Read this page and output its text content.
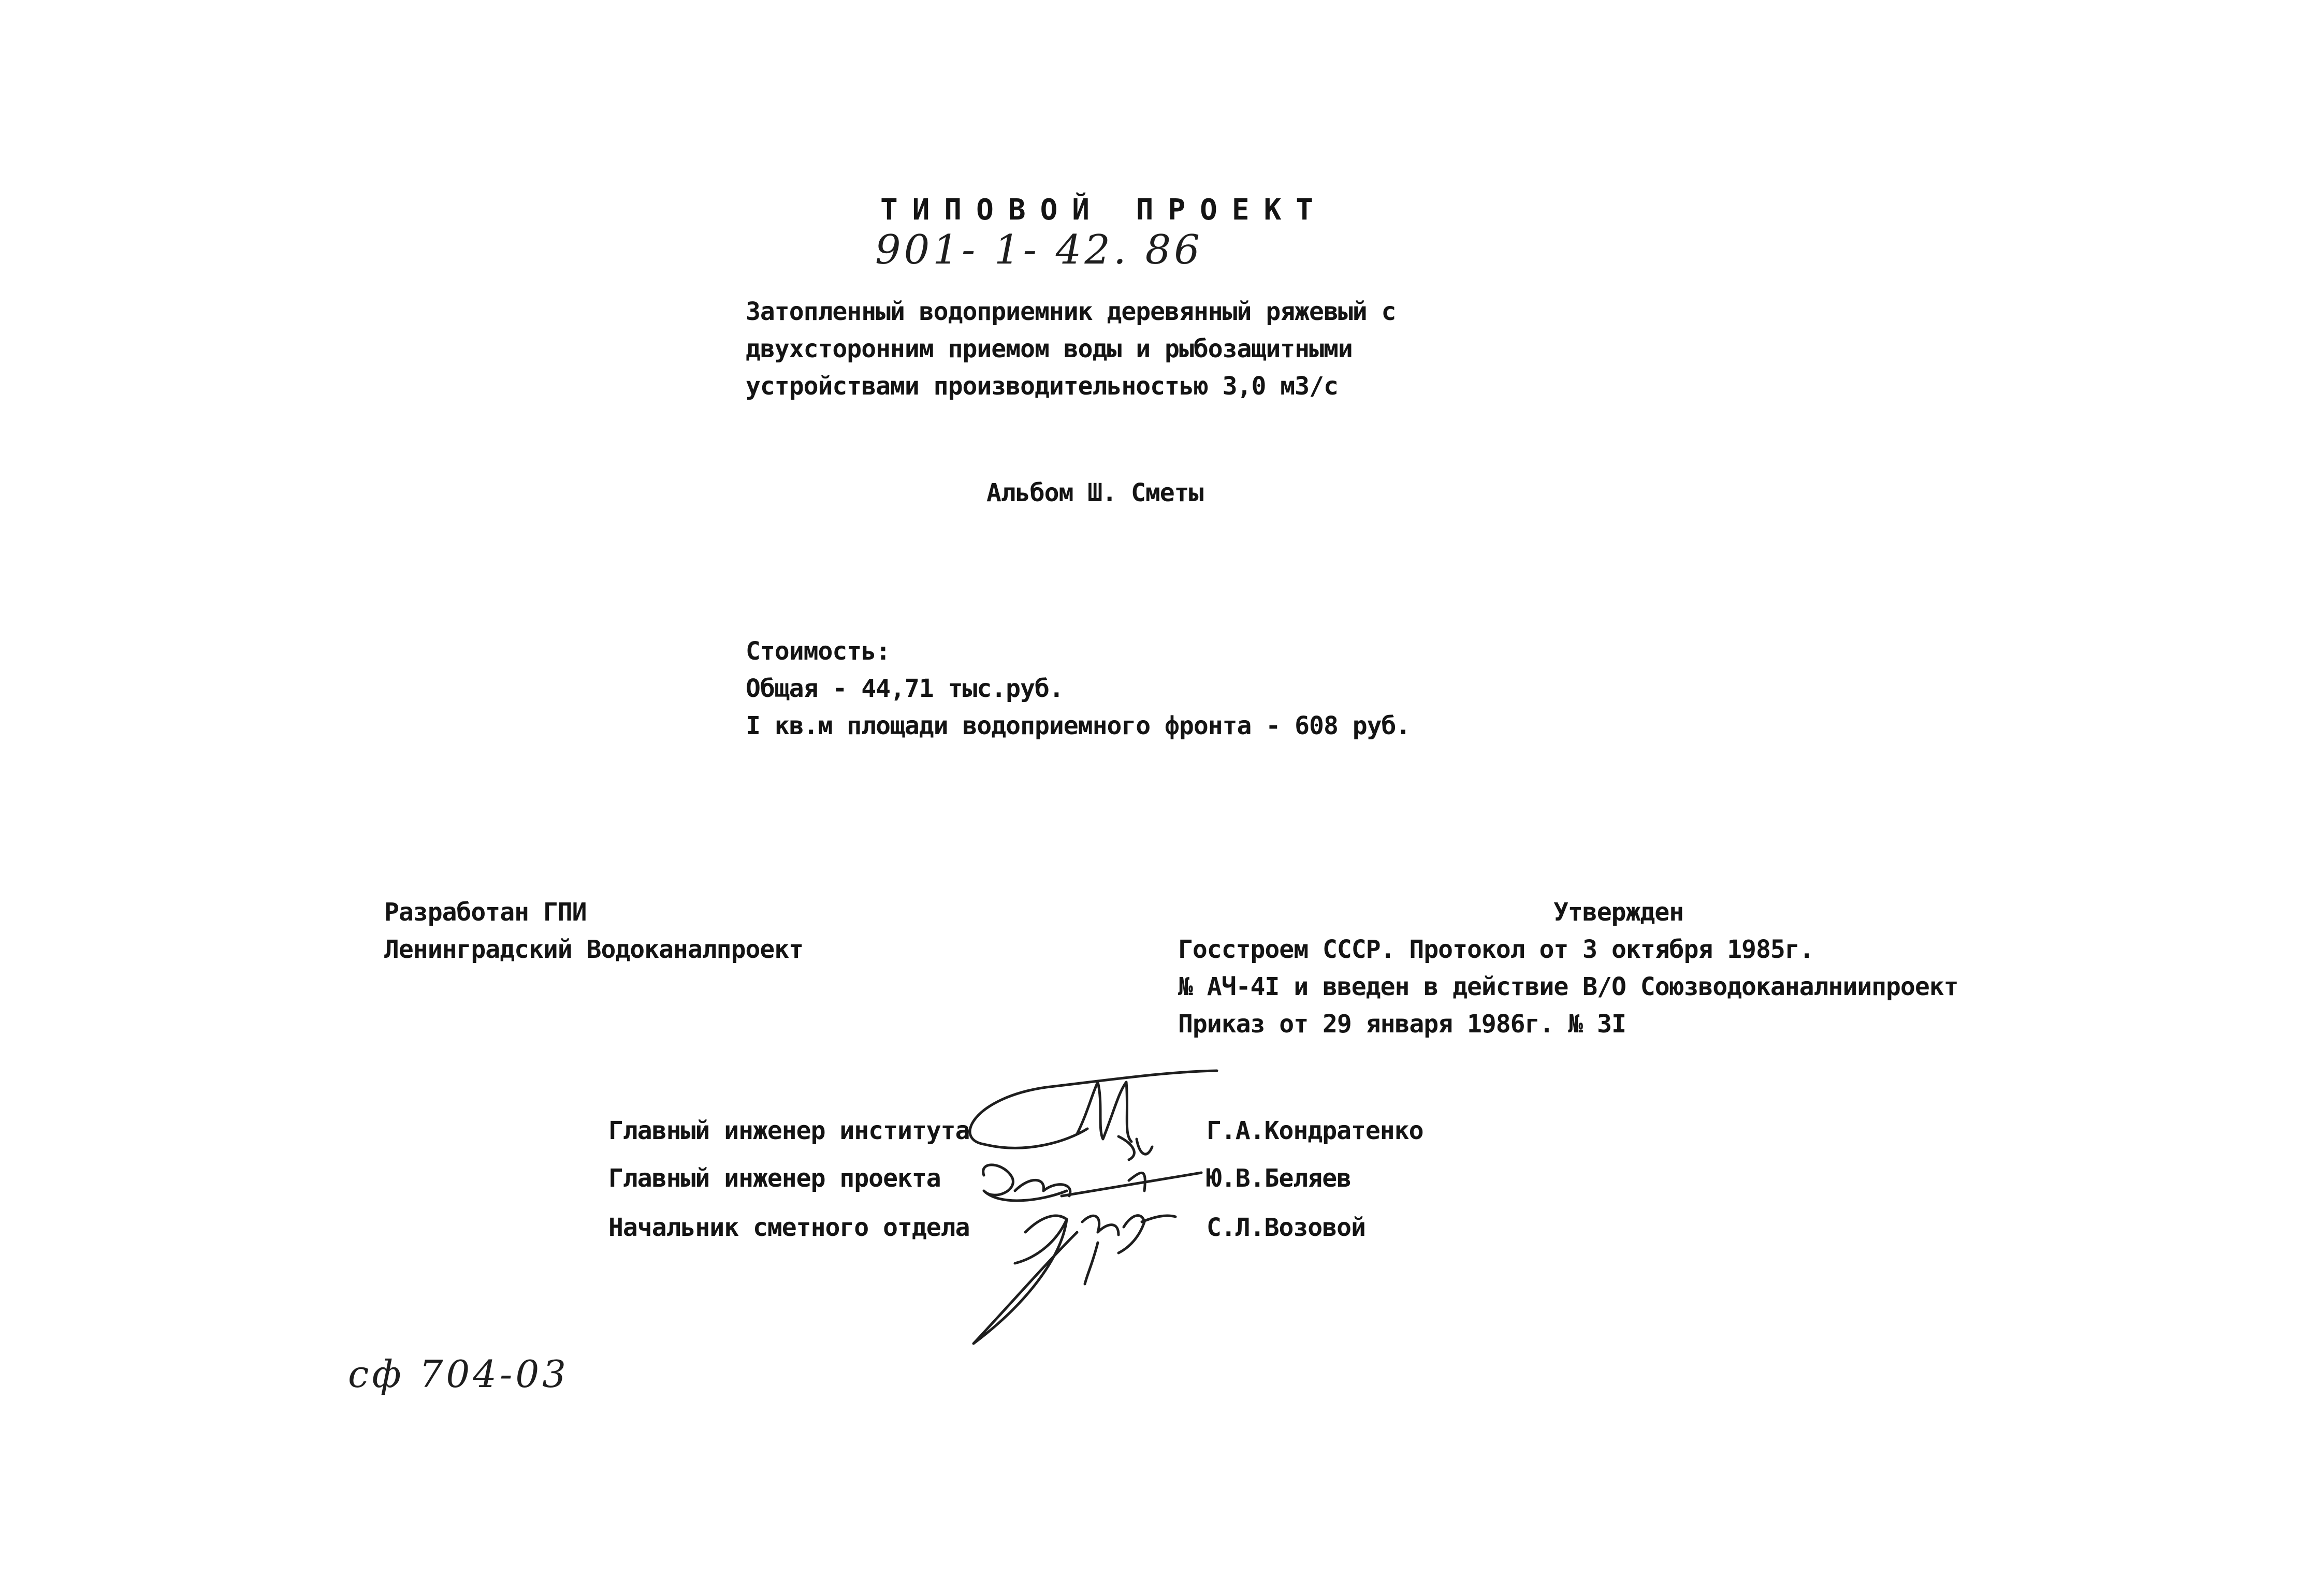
ТИПОВОЙ ПРОЕКТ
901- 1- 42. 86
Затопленный водоприемник деревянный ряжевый с
двухсторонним приемом воды и рыбозащитными
устройствами производительностью 3,0 м3/с
Альбом Ш. Сметы
Стоимость:
Общая - 44,71 тыс.руб.
I кв.м площади водоприемного фронта - 608 руб.
Разработан ГПИ
Ленинградский Водоканалпроект
Утвержден
Госстроем СССР. Протокол от 3 октября 1985г.
№ АЧ-4I и введен в действие В/О Союзводоканалниипроект
Приказ от 29 января 1986г. № 3I
Главный инженер института	Г.А.Кондратенко
Главный инженер проекта	Ю.В.Беляев
Начальник сметного отдела	С.Л.Возовой
сф 704-03
